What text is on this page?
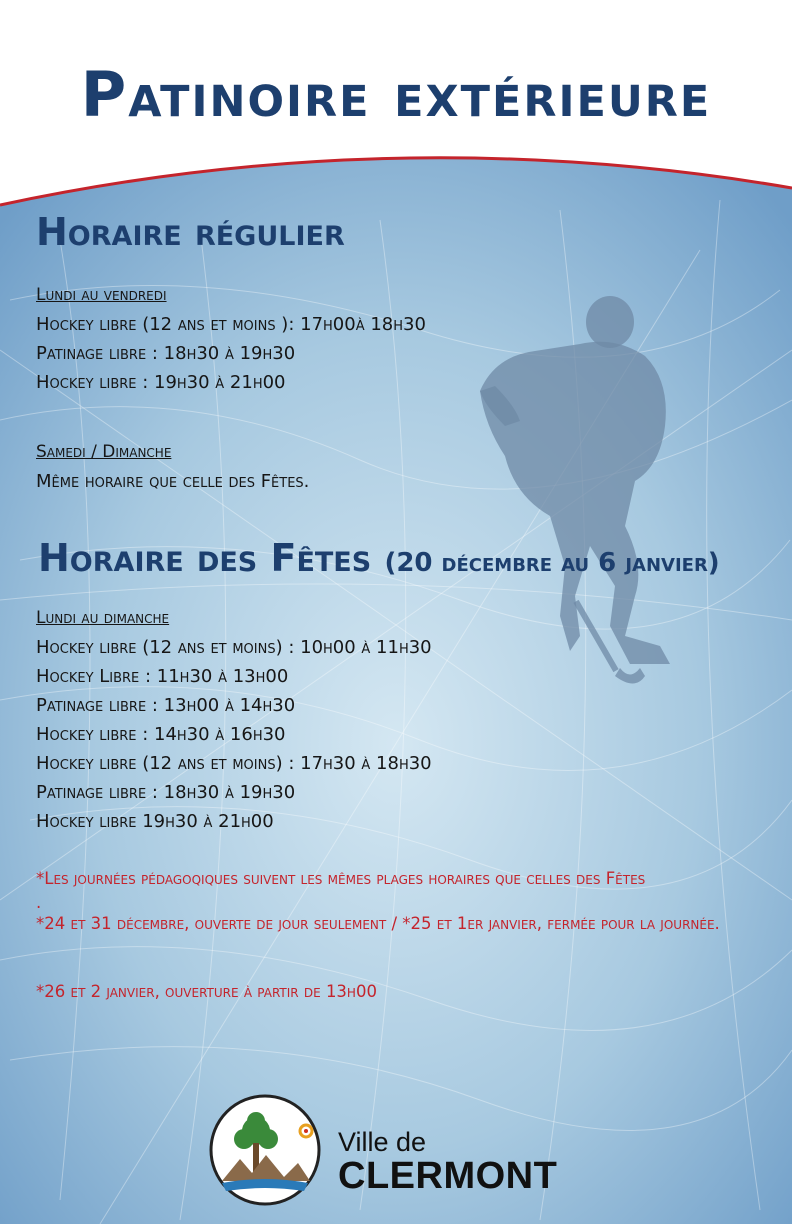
Patinoire extérieure
Horaire régulier
Lundi au vendredi
Hockey libre (12 ans et moins ): 17h00à 18h30
Patinage libre : 18h30 à 19h30
Hockey libre : 19h30 à 21h00
Samedi / Dimanche
Même horaire que celle des Fêtes.
Horaire des Fêtes (20 décembre au 6 janvier)
Lundi au dimanche
Hockey libre (12 ans et moins) : 10h00 à 11h30
Hockey Libre : 11h30 à 13h00
Patinage libre : 13h00 à 14h30
Hockey libre : 14h30 à 16h30
Hockey libre (12 ans et moins) : 17h30 à 18h30
Patinage libre : 18h30 à 19h30
Hockey libre 19h30 à 21h00
*Les journées pédagoqiques suivent les mêmes plages horaires que celles des Fêtes
.
*24 et 31 décembre, ouverte de jour seulement / *25 et 1er janvier, fermée pour la journée.
*26 et 2 janvier, ouverture à partir de 13h00
Ville de
CLERMONT
